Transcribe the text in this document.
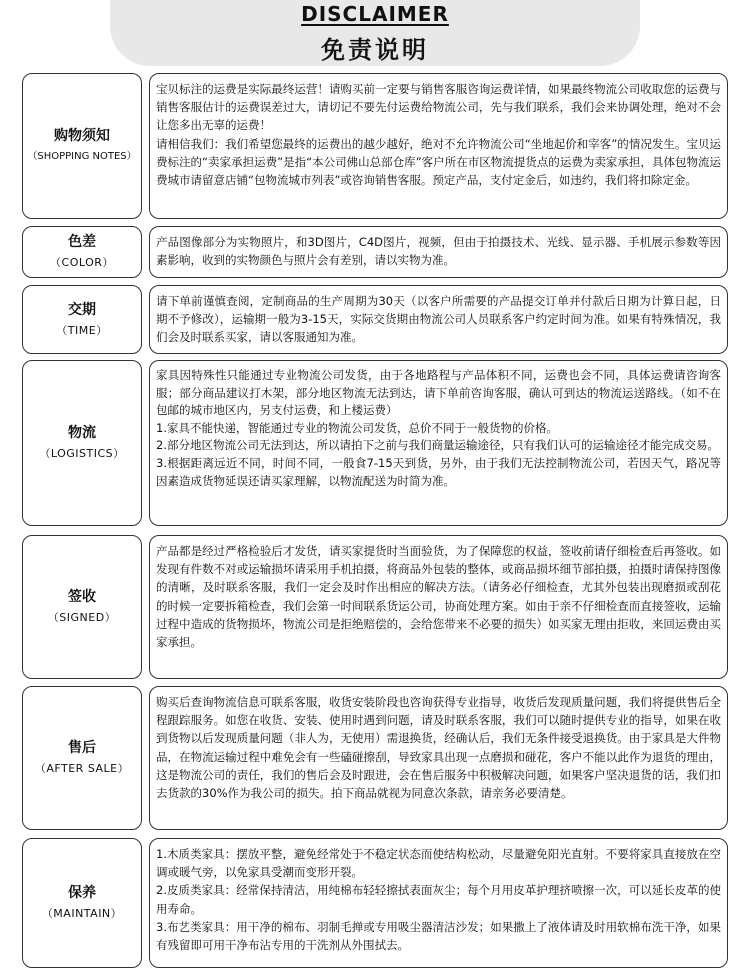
DISCLAIMER
免责说明
购物须知
（SHOPPING NOTES）

宝贝标注的运费是实际最终运营！请购买前一定要与销售客服咨询运费详情，如果最终物流公司收取您的运费与销售客服估计的运费误差过大，请切记不要先付运费给物流公司，先与我们联系，我们会来协调处理，绝对不会让您多出无辜的运费！

请相信我们：我们希望您最终的运费出的越少越好，绝对不允许物流公司“坐地起价和宰客”的情况发生。宝贝运费标注的“卖家承担运费”是指“本公司佛山总部仓库”客户所在市区物流提货点的运费为卖家承担，具体包物流运费城市请留意店铺“包物流城市列表”或咨询销售客服。预定产品，支付定金后，如违约，我们将扣除定金。

色差
（COLOR）

产品图像部分为实物照片，和3D图片，C4D图片，视频，但由于拍摄技术、光线、显示器、手机展示参数等因素影响，收到的实物颜色与照片会有差别，请以实物为准。

交期
（TIME）

请下单前谨慎查阅，定制商品的生产周期为30天（以客户所需要的产品提交订单并付款后日期为计算日起，日期不予修改），运输期一般为3-15天，实际交货期由物流公司人员联系客户约定时间为准。如果有特殊情况，我们会及时联系买家，请以客服通知为准。

物流
（LOGISTICS）

家具因特殊性只能通过专业物流公司发货，由于各地路程与产品体积不同，运费也会不同，具体运费请咨询客服；部分商品建议打木架，部分地区物流无法到达，请下单前咨询客服，确认可到达的物流运送路线。（如不在包邮的城市地区内，另支付运费，和上楼运费）

1.家具不能快递，智能通过专业的物流公司发货，总价不同于一般货物的价格。

2.部分地区物流公司无法到达，所以请拍下之前与我们商量运输途径，只有我们认可的运输途径才能完成交易。

3.根据距离远近不同，时间不同，一般食7-15天到货，另外，由于我们无法控制物流公司，若因天气，路况等因素造成货物延误还请买家理解，以物流配送为时简为准。

签收
（SIGNED）

产品都是经过严格检验后才发货，请买家提货时当面验货，为了保障您的权益，签收前请仔细检查后再签收。如发现有件数不对或运输损坏请采用手机拍摄，将商品外包装的整体，或商品损坏细节部拍摄，拍摄时请保持图像的清晰，及时联系客服，我们一定会及时作出相应的解决方法。（请务必仔细检查，尤其外包装出现磨损或刮花的时候一定要拆箱检查，我们会第一时间联系货运公司，协商处理方案。如由于亲不仔细检查而直接签收，运输过程中造成的货物损坏，物流公司是拒绝赔偿的，会给您带来不必要的损失）如买家无理由拒收，来回运费由买家承担。

售后
（AFTER SALE）

购买后查询物流信息可联系客服，收货安装阶段也咨询获得专业指导，收货后发现质量问题，我们将提供售后全程跟踪服务。如您在收货、安装、使用时遇到问题，请及时联系客服，我们可以随时提供专业的指导，如果在收到货物以后发现质量问题（非人为，无使用）需退换货，经确认后，我们无条件接受退换货。由于家具是大件物品，在物流运输过程中难免会有一些磕碰擦刮，导致家具出现一点磨损和碰花，客户不能以此作为退货的理由，这是物流公司的责任，我们的售后会及时跟进，会在售后服务中积极解决问题，如果客户坚决退货的话，我们扣去货款的30%作为我公司的损失。拍下商品就视为同意次条款，请亲务必要清楚。

保养
（MAINTAIN）

1.木质类家具：摆放平整，避免经常处于不稳定状态而使结构松动，尽量避免阳光直射。不要将家具直接放在空调或暖气旁，以免家具受潮而变形开裂。

2.皮质类家具：经常保持清洁，用纯棉布轻轻擦拭表面灰尘；每个月用皮革护理挤喷擦一次，可以延长皮革的使用寿命。

3.布艺类家具：用干净的棉布、羽制毛掸或专用吸尘器清洁沙发；如果撒上了液体请及时用软棉布洗干净，如果有残留即可用干净布沾专用的干洗剂从外围拭去。
